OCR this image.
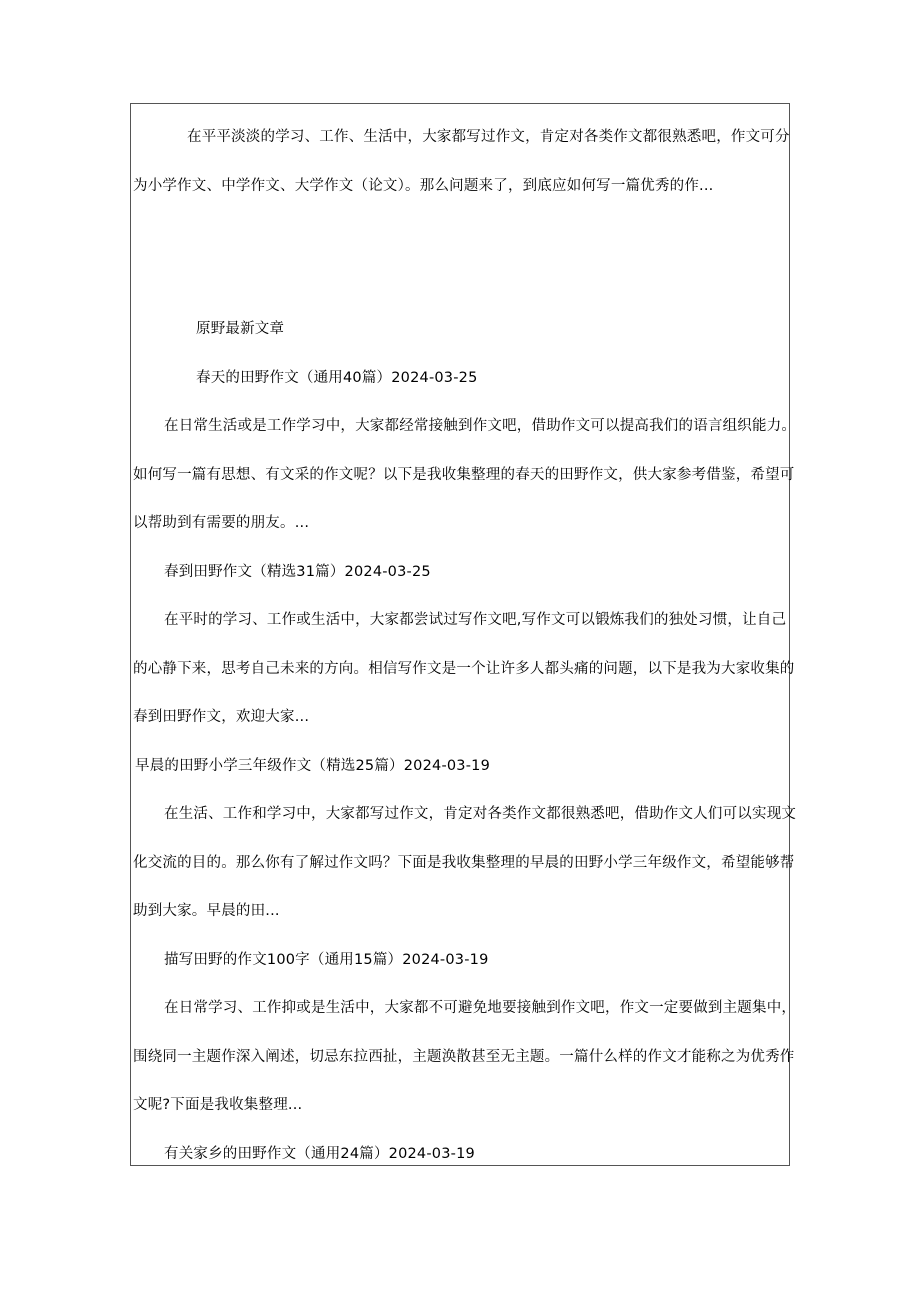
在平平淡淡的学习、工作、生活中，大家都写过作文，肯定对各类作文都很熟悉吧，作文可分
为小学作文、中学作文、大学作文（论文）。那么问题来了，到底应如何写一篇优秀的作...
原野最新文章
春天的田野作文（通用40篇）2024-03-25
在日常生活或是工作学习中，大家都经常接触到作文吧，借助作文可以提高我们的语言组织能力。
如何写一篇有思想、有文采的作文呢？以下是我收集整理的春天的田野作文，供大家参考借鉴，希望可
以帮助到有需要的朋友。...
春到田野作文（精选31篇）2024-03-25
在平时的学习、工作或生活中，大家都尝试过写作文吧,写作文可以锻炼我们的独处习惯，让自己
的心静下来，思考自己未来的方向。相信写作文是一个让许多人都头痛的问题，以下是我为大家收集的
春到田野作文，欢迎大家...
早晨的田野小学三年级作文（精选25篇）2024-03-19
在生活、工作和学习中，大家都写过作文，肯定对各类作文都很熟悉吧，借助作文人们可以实现文
化交流的目的。那么你有了解过作文吗？下面是我收集整理的早晨的田野小学三年级作文，希望能够帮
助到大家。早晨的田...
描写田野的作文100字（通用15篇）2024-03-19
在日常学习、工作抑或是生活中，大家都不可避免地要接触到作文吧，作文一定要做到主题集中，
围绕同一主题作深入阐述，切忌东拉西扯，主题涣散甚至无主题。一篇什么样的作文才能称之为优秀作
文呢?下面是我收集整理...
有关家乡的田野作文（通用24篇）2024-03-19
